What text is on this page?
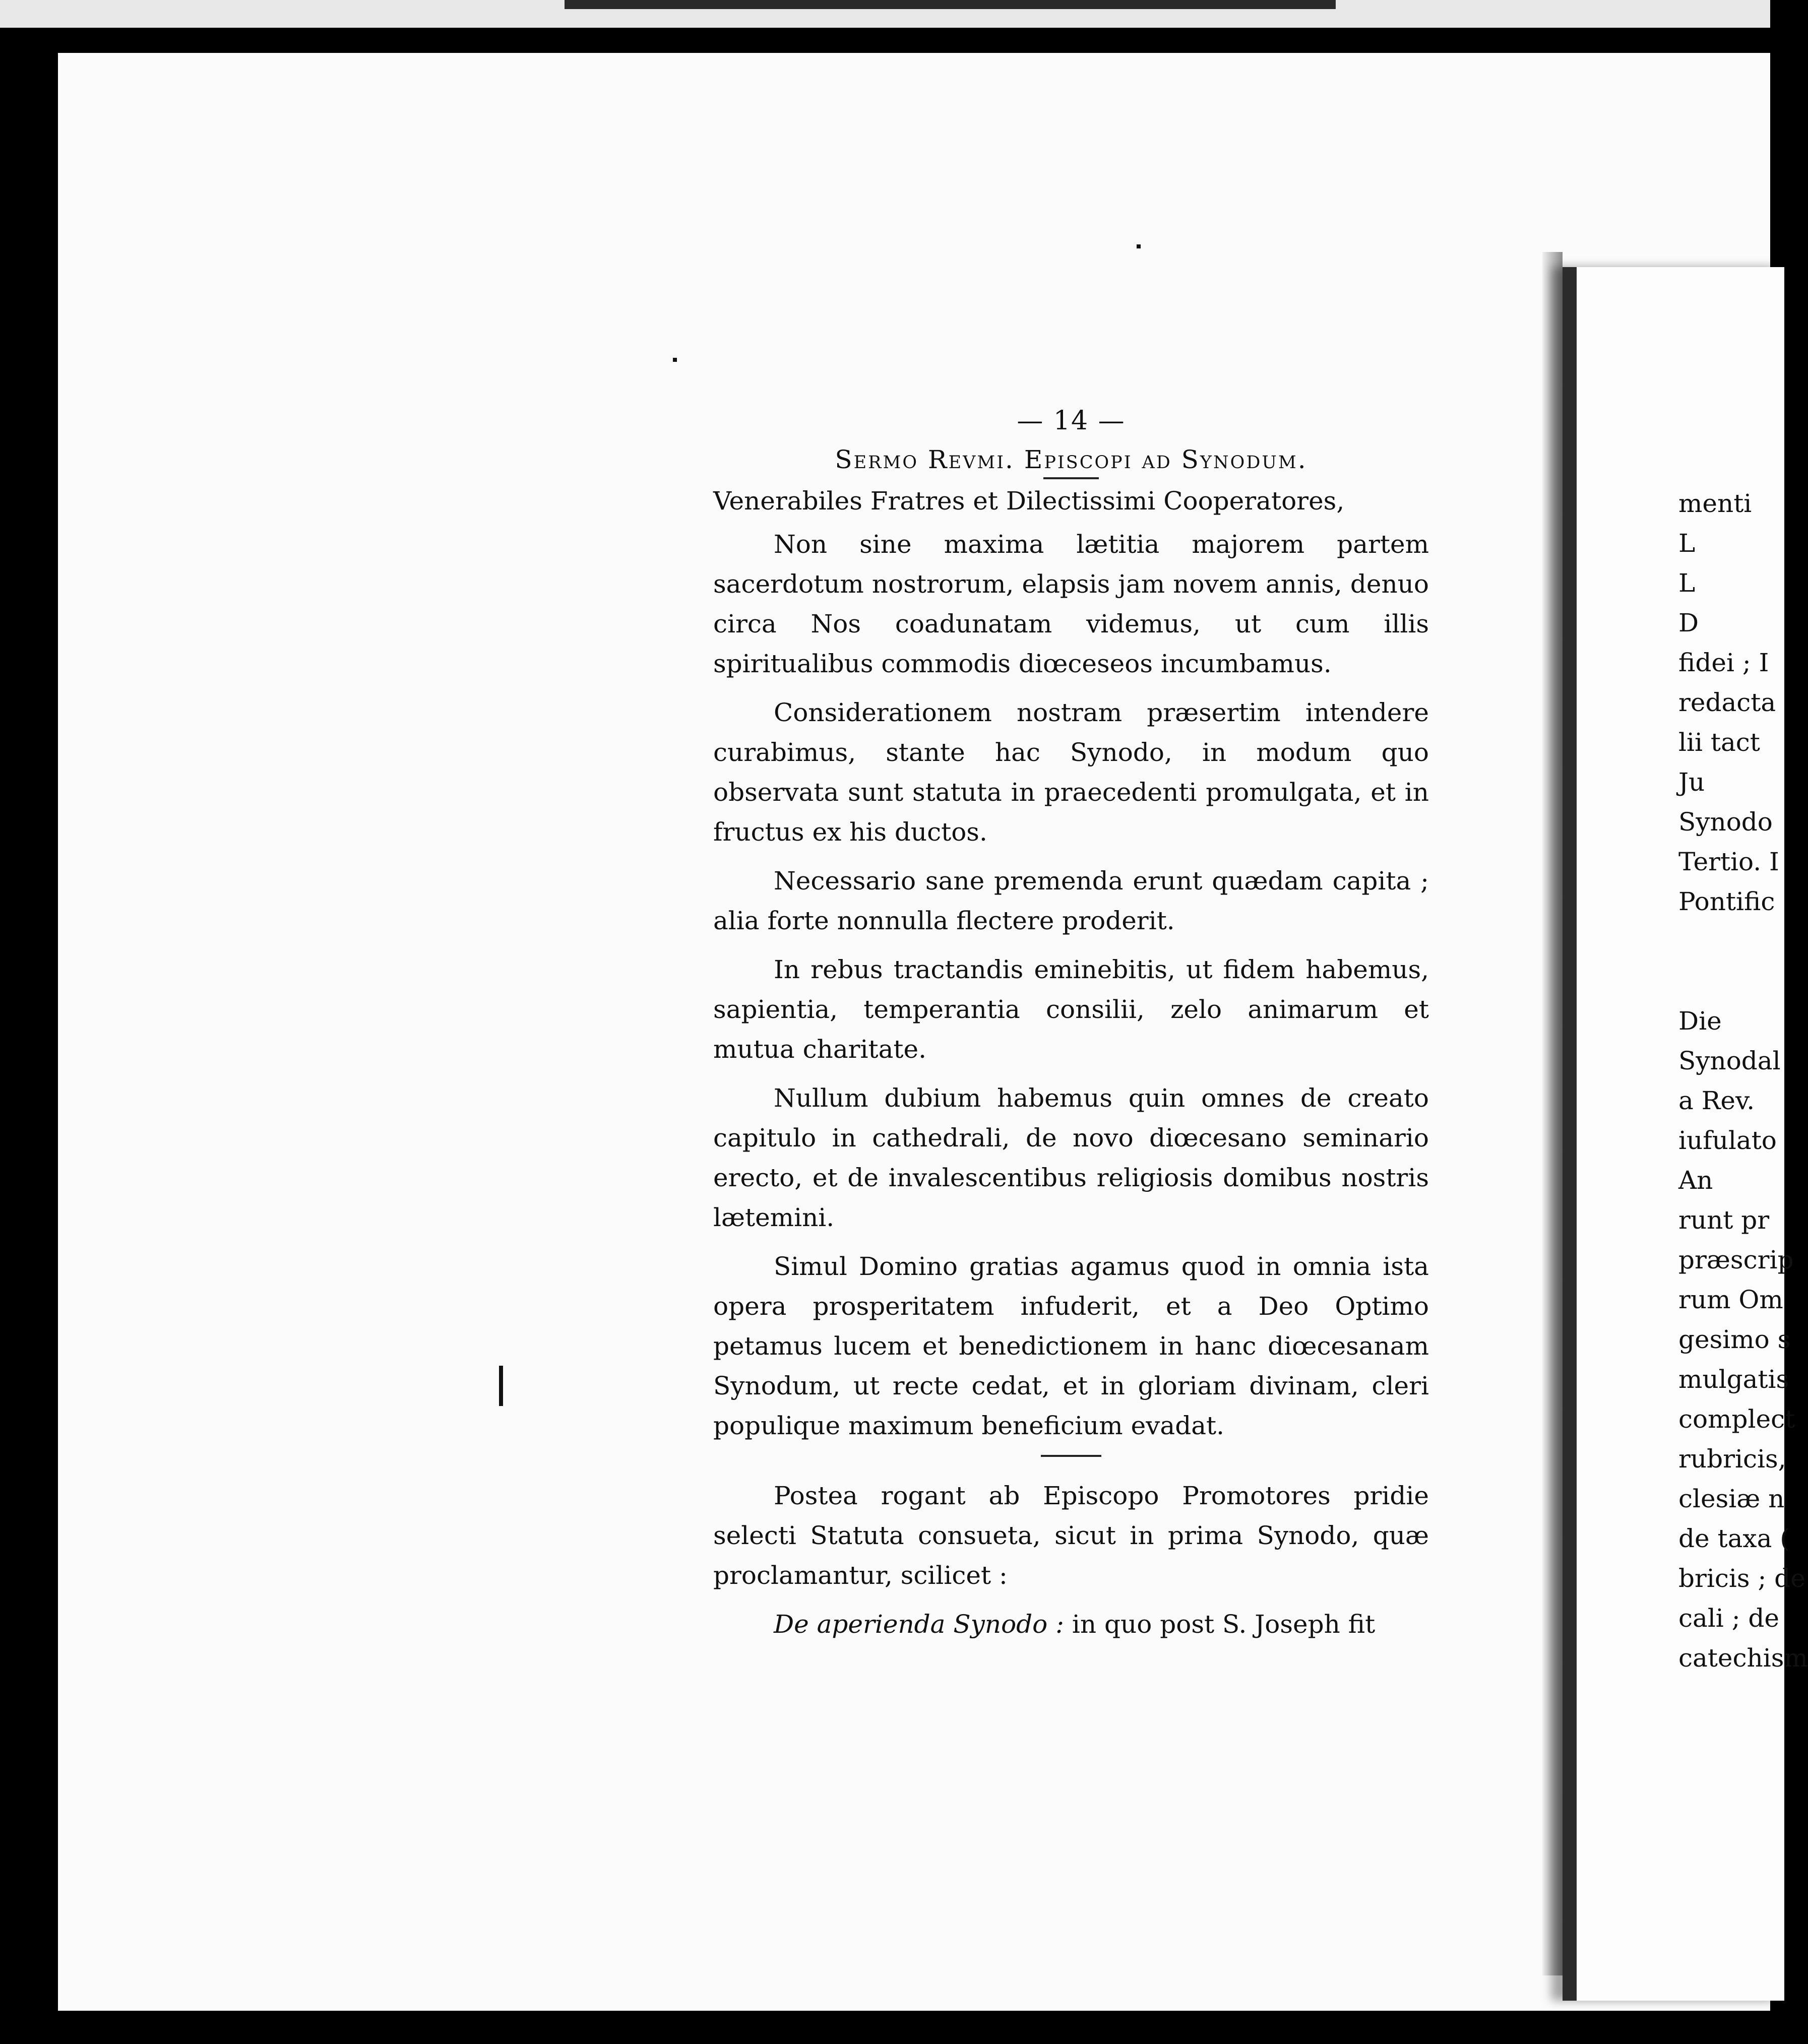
menti
L
L
D
fidei ; I
redacta
lii tact
Ju
Synodo
Tertio. I
Pontific
Die
Synodal
a Rev.
iufulato
An
runt pr
præscrip
rum Om
gesimo s
mulgatis
complect
rubricis,
clesiæ n
de taxa (
bricis ; de
cali ; de
catechism

— 14 —

Sermo Revmi. Episcopi ad Synodum.

Venerabiles Fratres et Dilectissimi Cooperatores,

Non sine maxima lætitia majorem partem sacerdotum nostrorum, elapsis jam novem annis, denuo circa Nos coadunatam videmus, ut cum illis spiritualibus commodis diœceseos incumbamus.

Considerationem nostram præsertim intendere curabimus, stante hac Synodo, in modum quo observata sunt statuta in praecedenti promulgata, et in fructus ex his ductos.

Necessario sane premenda erunt quædam capita ; alia forte nonnulla flectere proderit.

In rebus tractandis eminebitis, ut fidem habemus, sapientia, temperantia consilii, zelo animarum et mutua charitate.

Nullum dubium habemus quin omnes de creato capitulo in cathedrali, de novo diœcesano seminario erecto, et de invalescentibus religiosis domibus nostris lætemini.

Simul Domino gratias agamus quod in omnia ista opera prosperitatem infuderit, et a Deo Optimo petamus lucem et benedictionem in hanc diœcesanam Synodum, ut recte cedat, et in gloriam divinam, cleri populique maximum beneficium evadat.

Postea rogant ab Episcopo Promotores pridie selecti Statuta consueta, sicut in prima Synodo, quæ proclamantur, scilicet :

De aperienda Synodo : in quo post S. Joseph fit
